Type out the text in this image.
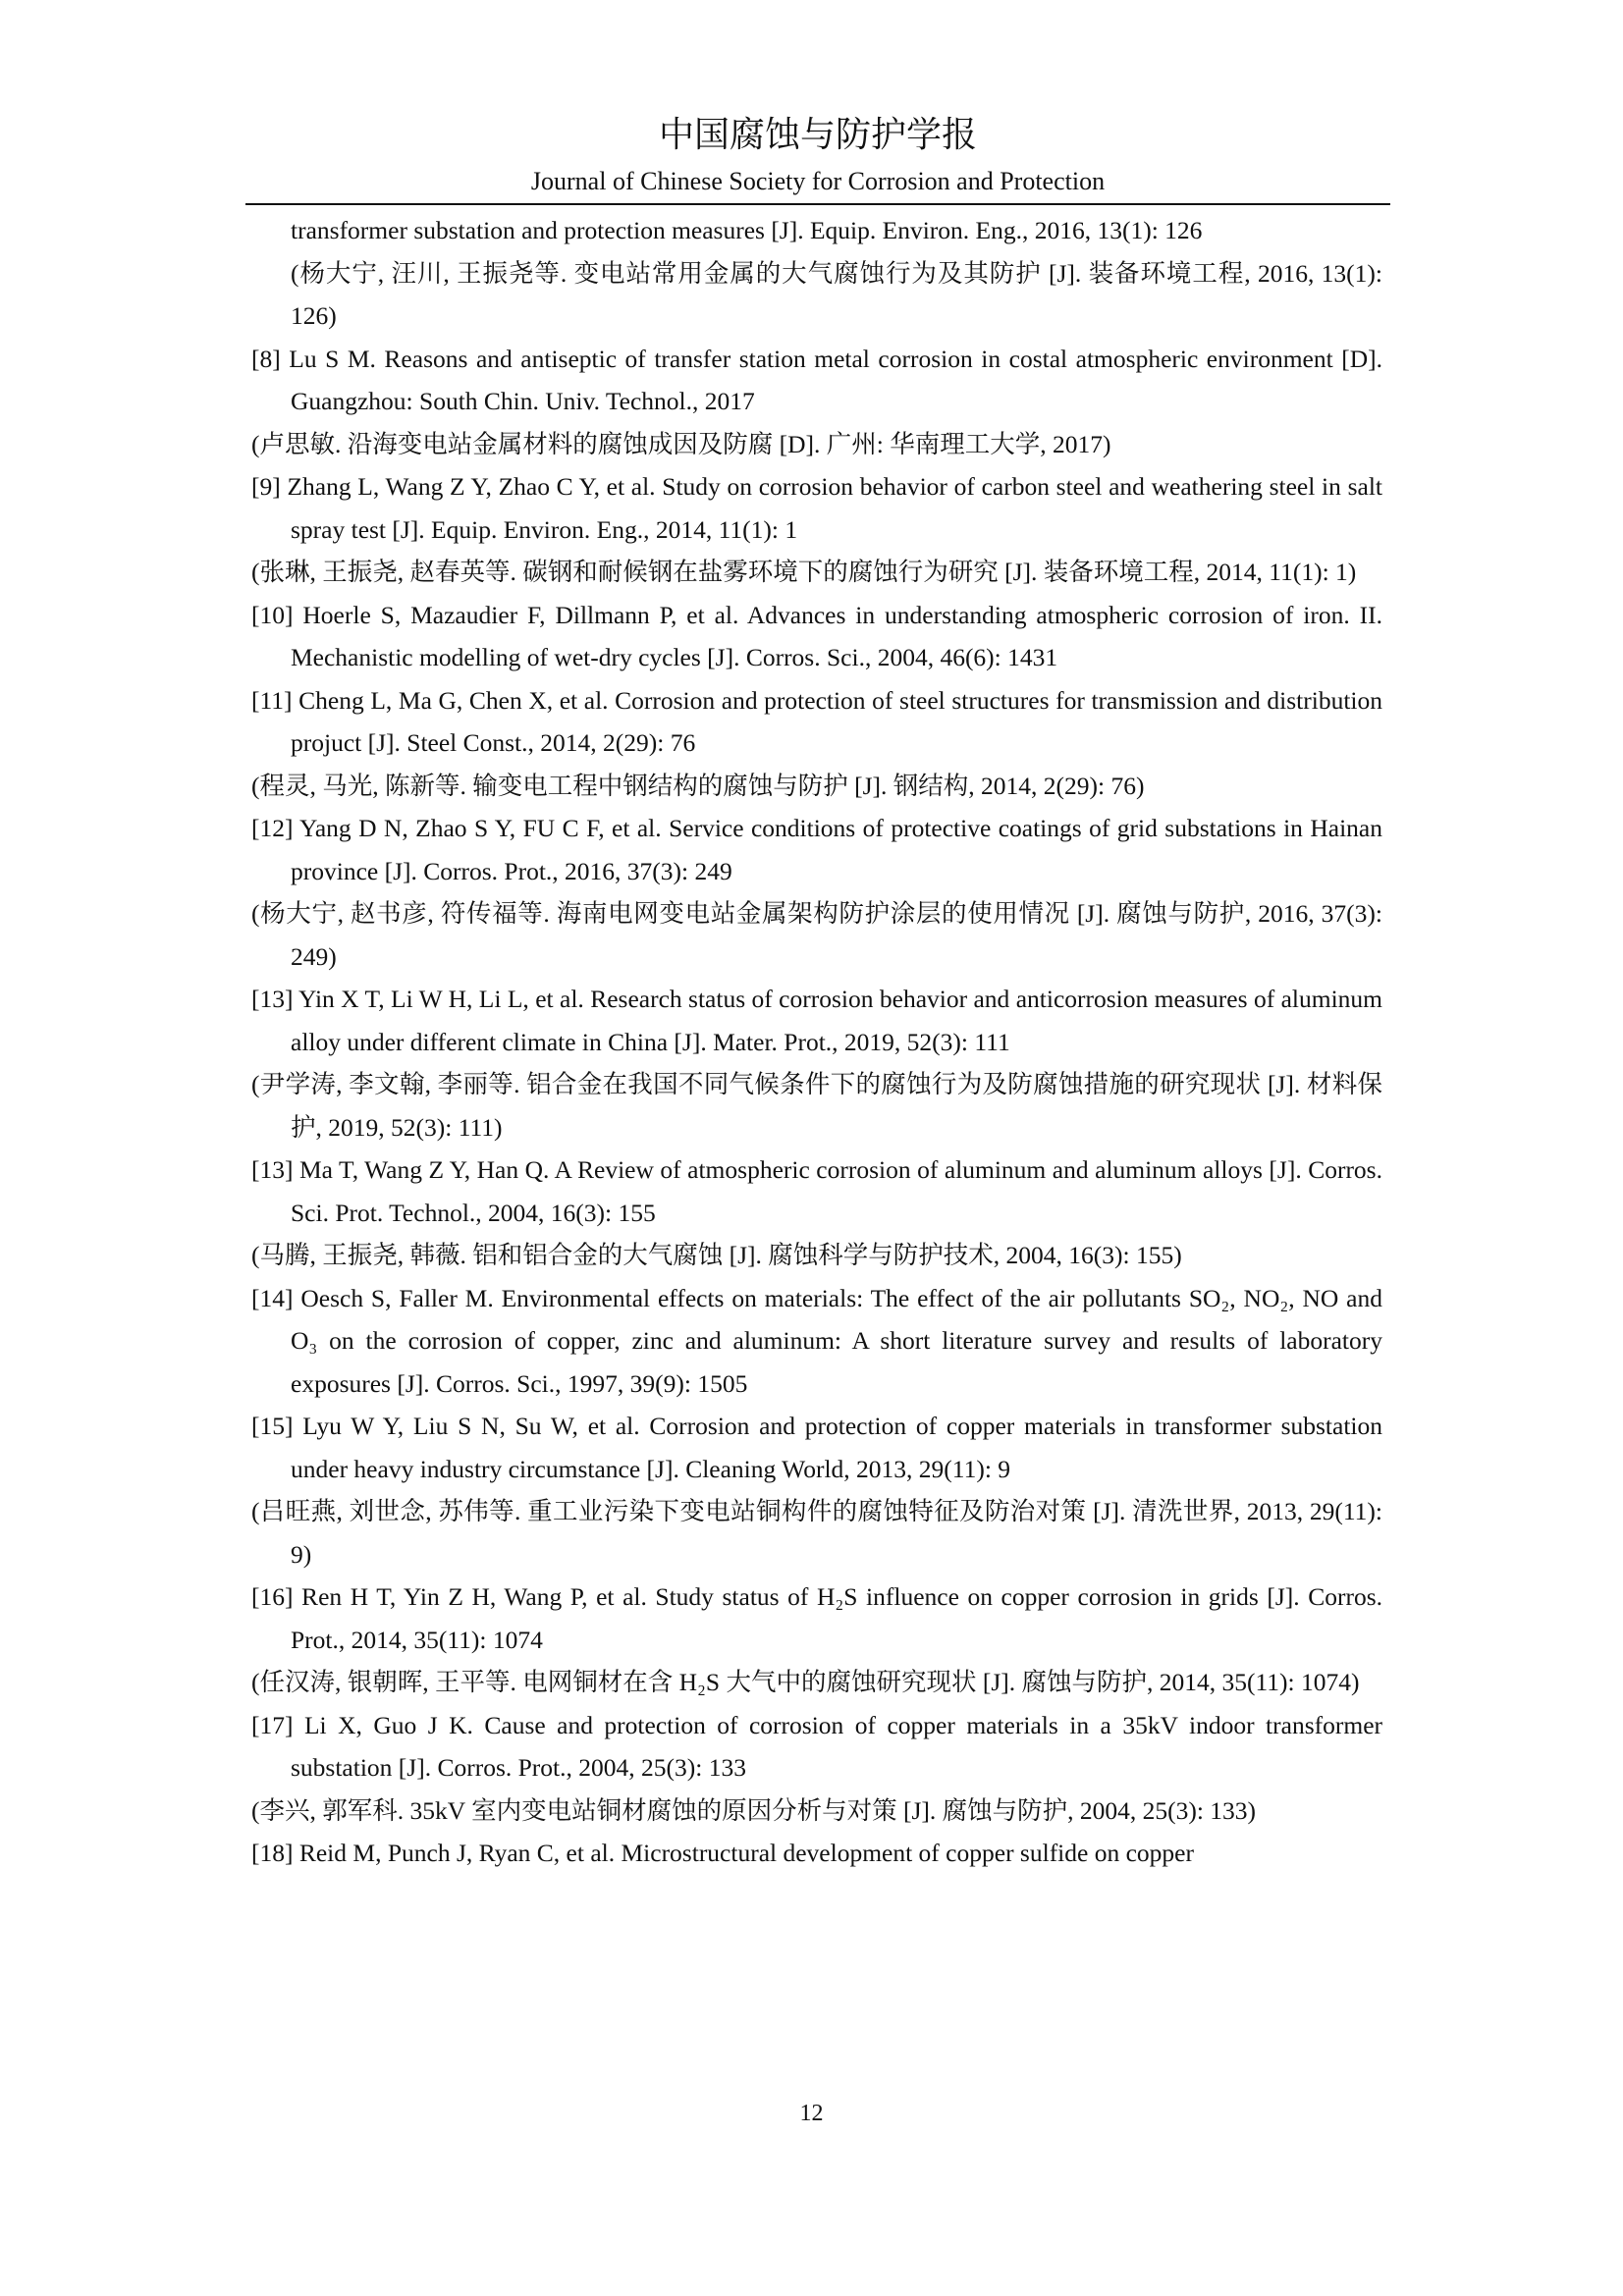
中国腐蚀与防护学报
Journal of Chinese Society for Corrosion and Protection
transformer substation and protection measures [J]. Equip. Environ. Eng., 2016, 13(1): 126
(杨大宁, 汪川, 王振尧等. 变电站常用金属的大气腐蚀行为及其防护 [J]. 装备环境工程, 2016, 13(1): 126)
[8] Lu S M. Reasons and antiseptic of transfer station metal corrosion in costal atmospheric environment [D]. Guangzhou: South Chin. Univ. Technol., 2017
(卢思敏. 沿海变电站金属材料的腐蚀成因及防腐 [D]. 广州: 华南理工大学, 2017)
[9] Zhang L, Wang Z Y, Zhao C Y, et al. Study on corrosion behavior of carbon steel and weathering steel in salt spray test [J]. Equip. Environ. Eng., 2014, 11(1): 1
(张琳, 王振尧, 赵春英等. 碳钢和耐候钢在盐雾环境下的腐蚀行为研究 [J]. 装备环境工程, 2014, 11(1): 1)
[10] Hoerle S, Mazaudier F, Dillmann P, et al. Advances in understanding atmospheric corrosion of iron. II. Mechanistic modelling of wet-dry cycles [J]. Corros. Sci., 2004, 46(6): 1431
[11] Cheng L, Ma G, Chen X, et al. Corrosion and protection of steel structures for transmission and distribution projuct [J]. Steel Const., 2014, 2(29): 76
(程灵, 马光, 陈新等. 输变电工程中钢结构的腐蚀与防护 [J]. 钢结构, 2014, 2(29): 76)
[12] Yang D N, Zhao S Y, FU C F, et al. Service conditions of protective coatings of grid substations in Hainan province [J]. Corros. Prot., 2016, 37(3): 249
(杨大宁, 赵书彦, 符传福等. 海南电网变电站金属架构防护涂层的使用情况 [J]. 腐蚀与防护, 2016, 37(3): 249)
[13] Yin X T, Li W H, Li L, et al. Research status of corrosion behavior and anticorrosion measures of aluminum alloy under different climate in China [J]. Mater. Prot., 2019, 52(3): 111
(尹学涛, 李文翰, 李丽等. 铝合金在我国不同气候条件下的腐蚀行为及防腐蚀措施的研究现状 [J]. 材料保护, 2019, 52(3): 111)
[13] Ma T, Wang Z Y, Han Q. A Review of atmospheric corrosion of aluminum and aluminum alloys [J]. Corros. Sci. Prot. Technol., 2004, 16(3): 155
(马腾, 王振尧, 韩薇. 铝和铝合金的大气腐蚀 [J]. 腐蚀科学与防护技术, 2004, 16(3): 155)
[14] Oesch S, Faller M. Environmental effects on materials: The effect of the air pollutants SO₂, NO₂, NO and O₃ on the corrosion of copper, zinc and aluminum: A short literature survey and results of laboratory exposures [J]. Corros. Sci., 1997, 39(9): 1505
[15] Lyu W Y, Liu S N, Su W, et al. Corrosion and protection of copper materials in transformer substation under heavy industry circumstance [J]. Cleaning World, 2013, 29(11): 9
(吕旺燕, 刘世念, 苏伟等. 重工业污染下变电站铜构件的腐蚀特征及防治对策 [J]. 清洗世界, 2013, 29(11): 9)
[16] Ren H T, Yin Z H, Wang P, et al. Study status of H₂S influence on copper corrosion in grids [J]. Corros. Prot., 2014, 35(11): 1074
(任汉涛, 银朝晖, 王平等. 电网铜材在含 H₂S 大气中的腐蚀研究现状 [J]. 腐蚀与防护, 2014, 35(11): 1074)
[17] Li X, Guo J K. Cause and protection of corrosion of copper materials in a 35kV indoor transformer substation [J]. Corros. Prot., 2004, 25(3): 133
(李兴, 郭军科. 35kV 室内变电站铜材腐蚀的原因分析与对策 [J]. 腐蚀与防护, 2004, 25(3): 133)
[18] Reid M, Punch J, Ryan C, et al. Microstructural development of copper sulfide on copper
12
